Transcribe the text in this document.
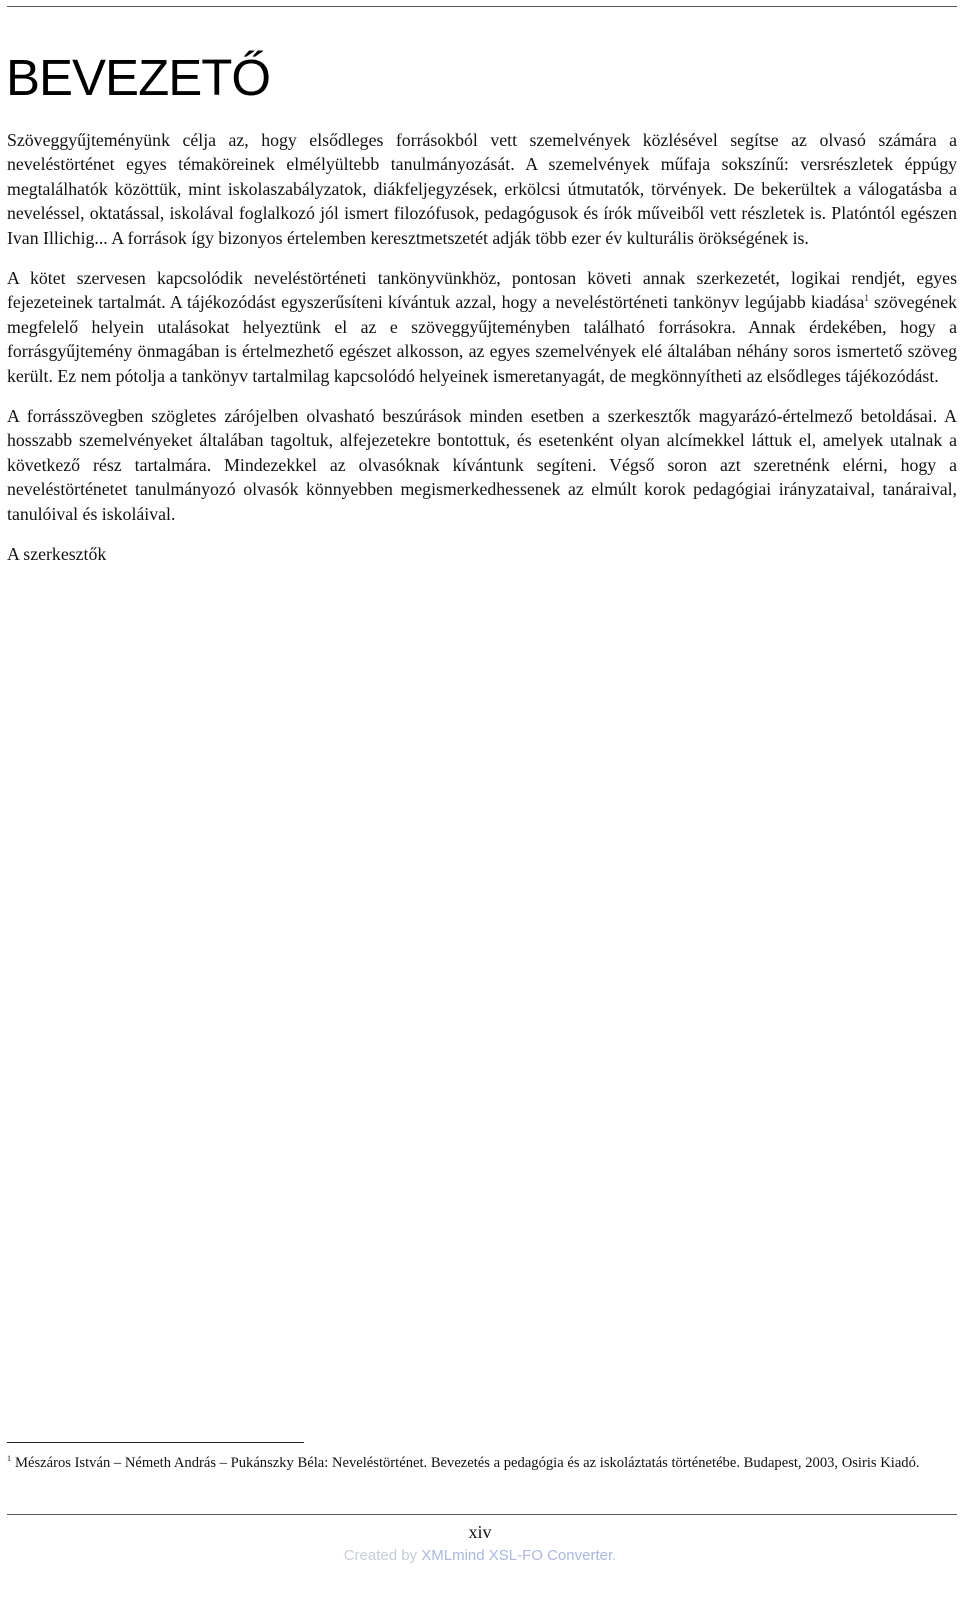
BEVEZETŐ

Szöveggyűjteményünk célja az, hogy elsődleges forrásokból vett szemelvények közlésével segítse az olvasó számára a neveléstörténet egyes témaköreinek elmélyültebb tanulmányozását. A szemelvények műfaja sokszínű: versrészletek éppúgy megtalálhatók közöttük, mint iskolaszabályzatok, diákfeljegyzések, erkölcsi útmutatók, törvények. De bekerültek a válogatásba a neveléssel, oktatással, iskolával foglalkozó jól ismert filozófusok, pedagógusok és írók műveiből vett részletek is. Platóntól egészen Ivan Illichig... A források így bizonyos értelemben keresztmetszetét adják több ezer év kulturális örökségének is.

A kötet szervesen kapcsolódik neveléstörténeti tankönyvünkhöz, pontosan követi annak szerkezetét, logikai rendjét, egyes fejezeteinek tartalmát. A tájékozódást egyszerűsíteni kívántuk azzal, hogy a neveléstörténeti tankönyv legújabb kiadása$^1$ szövegének megfelelő helyein utalásokat helyeztünk el az e szöveggyűjteményben található forrásokra. Annak érdekében, hogy a forrásgyűjtemény önmagában is értelmezhető egészet alkosson, az egyes szemelvények elé általában néhány soros ismertető szöveg került. Ez nem pótolja a tankönyv tartalmilag kapcsolódó helyeinek ismeretanyagát, de megkönnyítheti az elsődleges tájékozódást.

A forrásszövegben szögletes zárójelben olvasható beszúrások minden esetben a szerkesztők magyarázó-értelmező betoldásai. A hosszabb szemelvényeket általában tagoltuk, alfejezetekre bontottuk, és esetenként olyan alcímekkel láttuk el, amelyek utalnak a következő rész tartalmára. Mindezekkel az olvasóknak kívántunk segíteni. Végső soron azt szeretnénk elérni, hogy a neveléstörténetet tanulmányozó olvasók könnyebben megismerkedhessenek az elmúlt korok pedagógiai irányzataival, tanáraival, tanulóival és iskoláival.

A szerkesztők

$^1$ Mészáros István – Németh András – Pukánszky Béla: Neveléstörténet. Bevezetés a pedagógia és az iskoláztatás történetébe. Budapest, 2003, Osiris Kiadó.

xiv

Created by XMLmind XSL-FO Converter.
